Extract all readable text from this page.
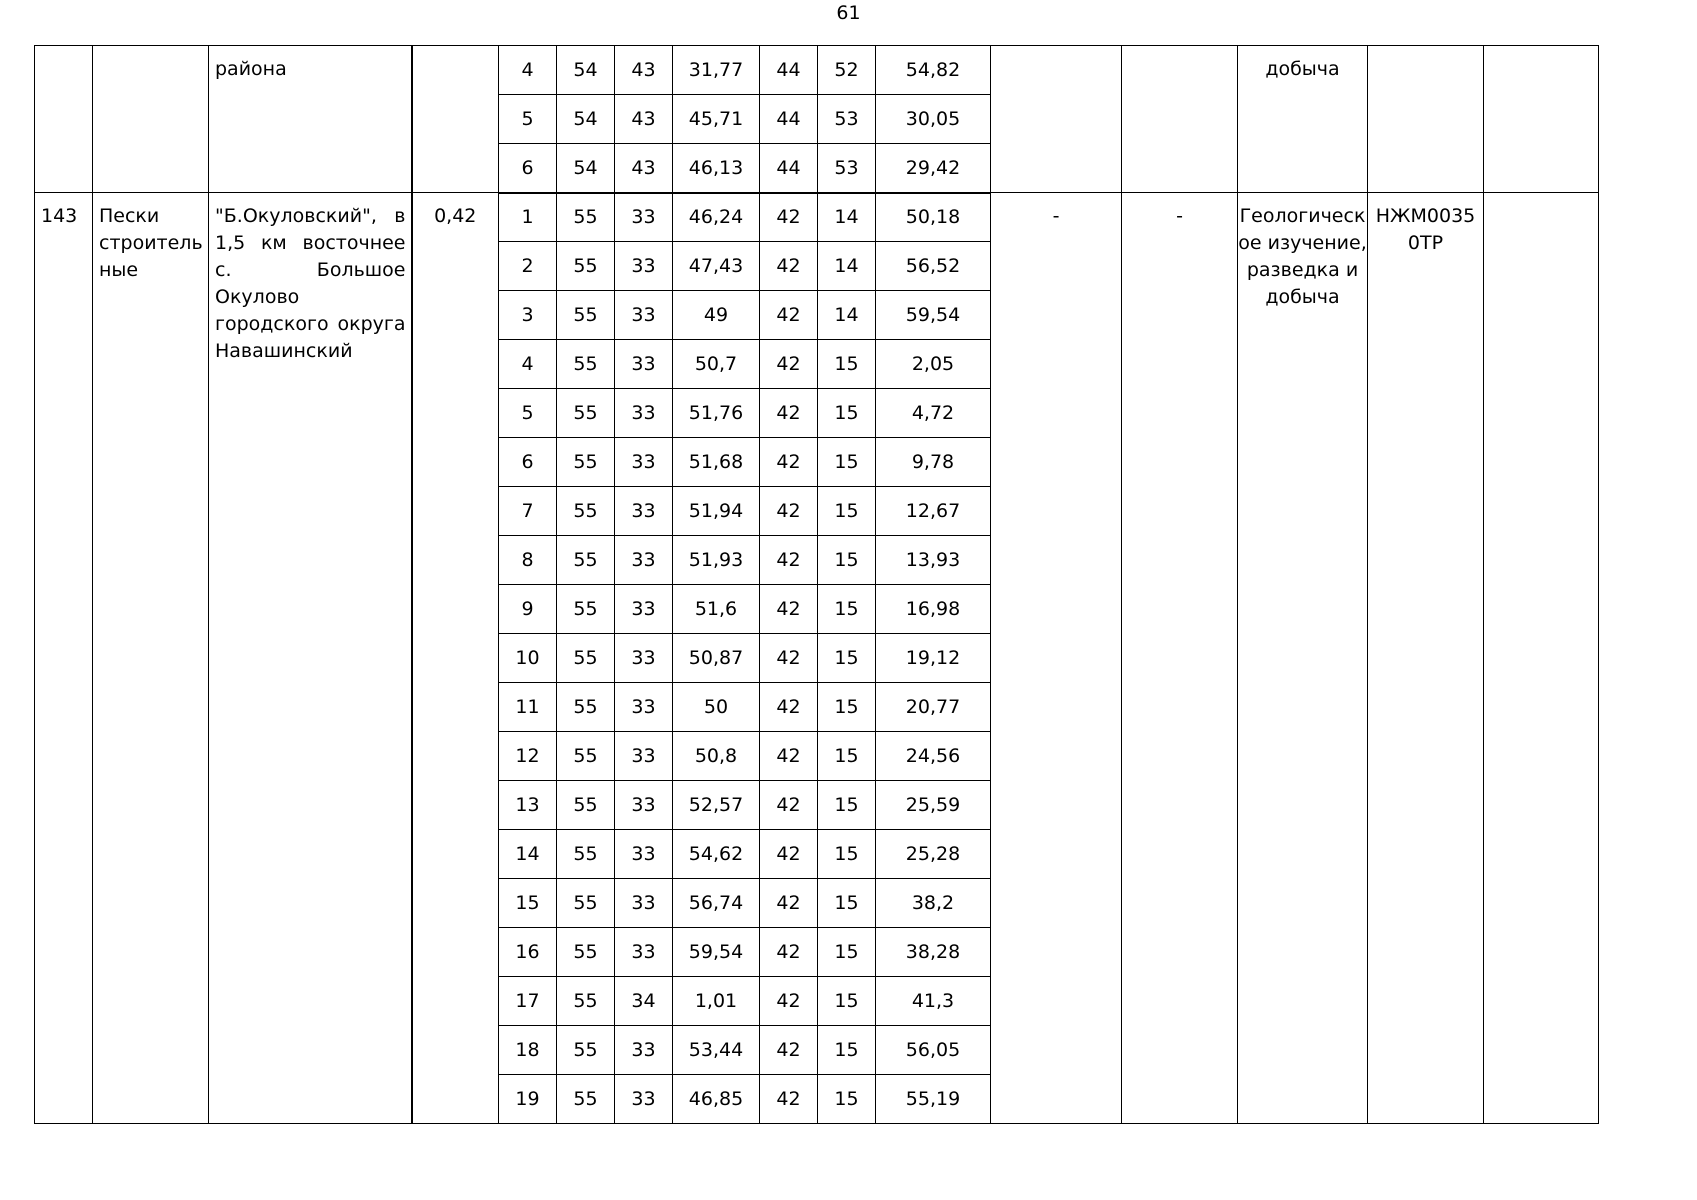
61
		района		4	54	43	31,77	44	52	54,82			добыча		
				5	54	43	45,71	44	53	30,05					
				6	54	43	46,13	44	53	29,42					
143	Пески строитель ные	"Б.Окуловский", в 1,5 км восточнее с. Большое Окулово городского округа Навашинский	0,42	1	55	33	46,24	42	14	50,18	-	-	Геологическ ое изучение, разведка и добыча	НЖМ0035 0ТР	
				2	55	33	47,43	42	14	56,52					
				3	55	33	49	42	14	59,54					
				4	55	33	50,7	42	15	2,05					
				5	55	33	51,76	42	15	4,72					
				6	55	33	51,68	42	15	9,78					
				7	55	33	51,94	42	15	12,67					
				8	55	33	51,93	42	15	13,93					
				9	55	33	51,6	42	15	16,98					
				10	55	33	50,87	42	15	19,12					
				11	55	33	50	42	15	20,77					
				12	55	33	50,8	42	15	24,56					
				13	55	33	52,57	42	15	25,59					
				14	55	33	54,62	42	15	25,28					
				15	55	33	56,74	42	15	38,2					
				16	55	33	59,54	42	15	38,28					
				17	55	34	1,01	42	15	41,3					
				18	55	33	53,44	42	15	56,05					
				19	55	33	46,85	42	15	55,19					
